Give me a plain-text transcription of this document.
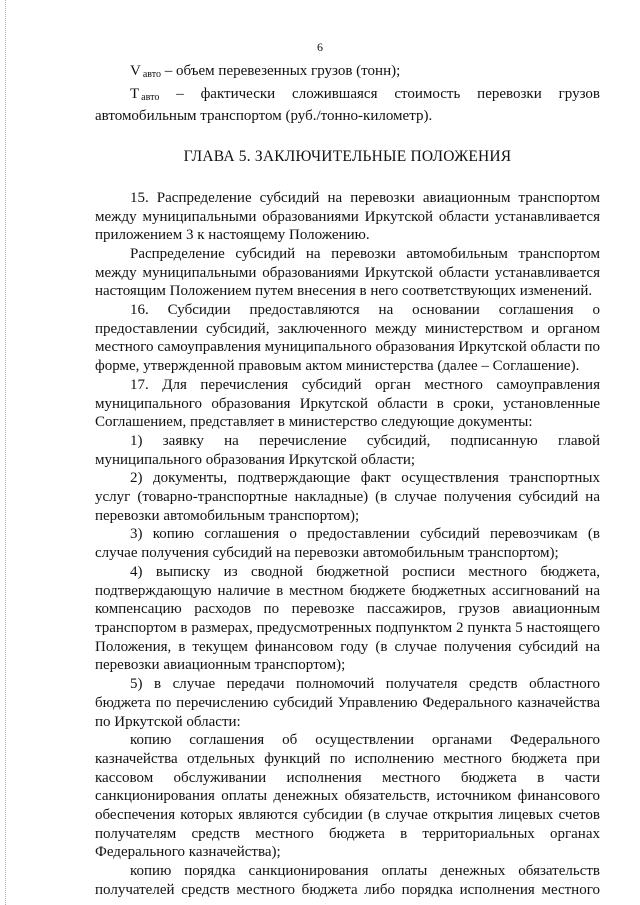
6

V $_{авто}$ – объем перевезенных грузов (тонн);

T $_{авто}$ – фактически сложившаяся стоимость перевозки грузов автомобильным транспортом (руб./тонно-километр).

ГЛАВА 5. ЗАКЛЮЧИТЕЛЬНЫЕ ПОЛОЖЕНИЯ

15. Распределение субсидий на перевозки авиационным транспортом между муниципальными образованиями Иркутской области устанавливается приложением 3 к настоящему Положению.

Распределение субсидий на перевозки автомобильным транспортом между муниципальными образованиями Иркутской области устанавливается настоящим Положением путем внесения в него соответствующих изменений.

16. Субсидии предоставляются на основании соглашения о предоставлении субсидий, заключенного между министерством и органом местного самоуправления муниципального образования Иркутской области по форме, утвержденной правовым актом министерства (далее – Соглашение).

17. Для перечисления субсидий орган местного самоуправления муниципального образования Иркутской области в сроки, установленные Соглашением, представляет в министерство следующие документы:

1) заявку на перечисление субсидий, подписанную главой муниципального образования Иркутской области;

2) документы, подтверждающие факт осуществления транспортных услуг (товарно-транспортные накладные) (в случае получения субсидий на перевозки автомобильным транспортом);

3) копию соглашения о предоставлении субсидий перевозчикам (в случае получения субсидий на перевозки автомобильным транспортом);

4) выписку из сводной бюджетной росписи местного бюджета, подтверждающую наличие в местном бюджете бюджетных ассигнований на компенсацию расходов по перевозке пассажиров, грузов авиационным транспортом в размерах, предусмотренных подпунктом 2 пункта 5 настоящего Положения, в текущем финансовом году (в случае получения субсидий на перевозки авиационным транспортом);

5) в случае передачи полномочий получателя средств областного бюджета по перечислению субсидий Управлению Федерального казначейства по Иркутской области:

копию соглашения об осуществлении органами Федерального казначейства отдельных функций по исполнению местного бюджета при кассовом обслуживании исполнения местного бюджета в части санкционирования оплаты денежных обязательств, источником финансового обеспечения которых являются субсидии (в случае открытия лицевых счетов получателям средств местного бюджета в территориальных органах Федерального казначейства);

копию порядка санкционирования оплаты денежных обязательств получателей средств местного бюджета либо порядка исполнения местного
